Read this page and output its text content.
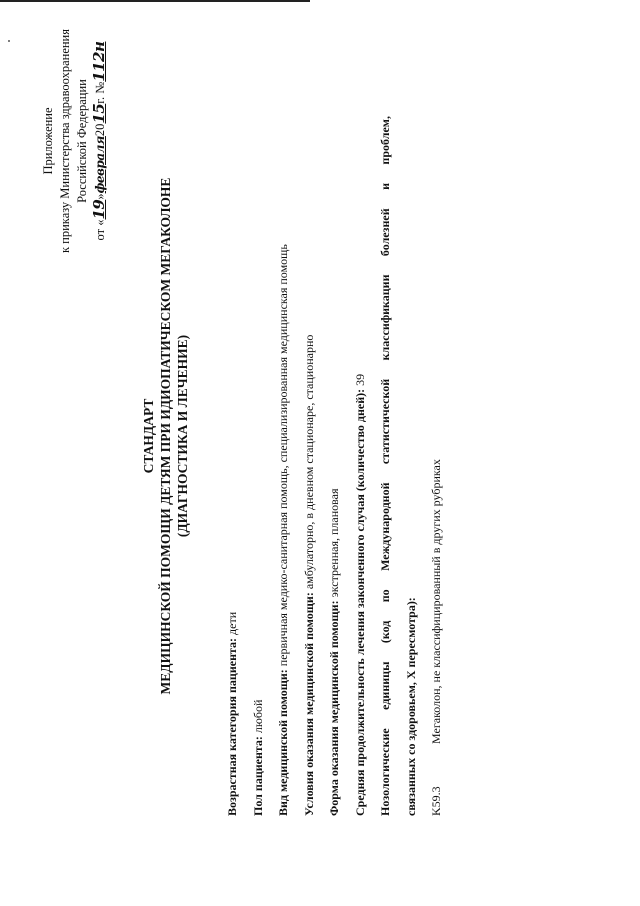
Приложение к приказу Министерства здравоохранения Российской Федерации
от «19»февраля2015г. №112н
СТАНДАРТ МЕДИЦИНСКОЙ ПОМОЩИ ДЕТЯМ ПРИ ИДИОПАТИЧЕСКОМ МЕГАКОЛОНЕ (ДИАГНОСТИКА И ЛЕЧЕНИЕ)
Возрастная категория пациента: дети
Пол пациента: любой Вид медицинской помощи: первичная медико-санитарная помощь, специализированная медицинская помощь
Условия оказания медицинской помощи: амбулаторно, в дневном стационаре, стационарно
Форма оказания медицинской помощи: экстренная, плановая Средняя продолжительность лечения законченного случая (количество дней): 39
Нозологические
единицы
(код
по
Международной
статистической
классификации
болезней
и
проблем,
связанных со здоровьем, X пересмотра): K59.3
Мегаколон, не классифицированный в других рубриках
